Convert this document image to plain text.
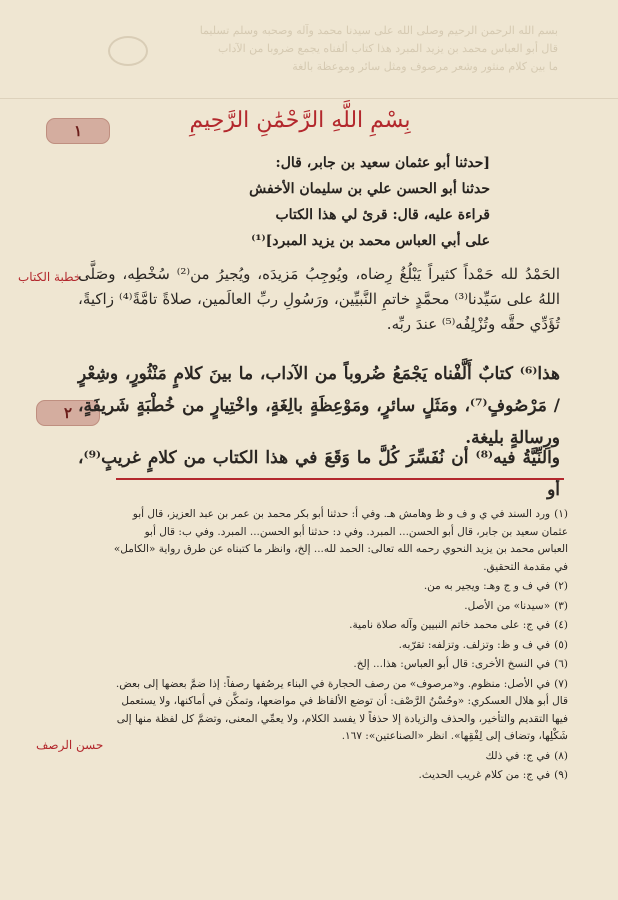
بسم الله الرحمن الرحيم وصلى الله على سيدنا محمد وآله وصحبه وسلم تسليما
قال أبو العباس محمد بن يزيد المبرد هذا كتاب ألفناه يجمع ضروبا من الآداب
ما بين كلام منثور وشعر مرصوف ومثل سائر وموعظة بالغة
بِسْمِ اللَّهِ الرَّحْمَٰنِ الرَّحِيمِ
١
٢
خطبة الكتاب
حسن الرصف
[حدثنا أبو عثمان سعيد بن جابر، قال:
حدثنا أبو الحسن علي بن سليمان الأخفش
قراءة عليه، قال: قرئ لي هذا الكتاب
على أبي العباس محمد بن يزيد المبرد]⁽¹⁾
الحَمْدُ لله حَمْداً كثيراً يَبْلُغُ رِضاه، ويُوجِبُ مَزيدَه، ويُجيرُ من⁽²⁾ سُخْطِه، وصَلَّى اللهُ على سَيِّدنا⁽³⁾ محمَّدٍ خاتمِ النَّبيِّين، ورَسُولِ ربِّ العالَمين، صلاةً تامَّةً⁽⁴⁾ زاكيةً، تُؤَدِّي حقَّه وتُزْلِفُه⁽⁵⁾ عندَ ربِّه.
هذا⁽⁶⁾ كتابٌ أَلَّفْناه يَجْمَعُ ضُروباً من الآداب، ما بينَ كلامٍ مَنْثُورٍ، وشِعْرٍ / مَرْصُوفٍ⁽⁷⁾، ومَثَلٍ سائرٍ، ومَوْعِظَةٍ بالِغَةٍ، واخْتِيارٍ من خُطْبَةٍ شَريفَةٍ، ورِسالةٍ بليغة.
والنِّيَّةُ فيه⁽⁸⁾ أن نُفَسِّرَ كُلَّ ما وَقَعَ في هذا الكتاب من كلامٍ غريبٍ⁽⁹⁾، أو
(١)ورد السند في ي و ف و ظ وهامش هـ. وفي أ: حدثنا أبو بكر محمد بن عمر بن عبد العزيز، قال أبو عثمان سعيد بن جابر، قال أبو الحسن... المبرد. وفي د: حدثنا أبو الحسن... المبرد. وفي ب: قال أبو العباس محمد بن يزيد النحوي رحمه الله تعالى: الحمد لله... إلخ، وانظر ما كتبناه عن طرق رواية «الكامل» في مقدمة التحقيق.
(٢)في ف و ج وهـ: ويجير به من.
(٣)«سيدنا» من الأصل.
(٤)في ج: على محمد خاتم النبيين وآله صلاة نامية.
(٥)في ف و ظ: وتزلف. وتزلفه: تقرّبه.
(٦)في النسخ الأخرى: قال أبو العباس: هذا... إلخ.
(٧)في الأصل: منظوم. و«مرصوف» من رصف الحجارة في البناء يرصُفها رصفاً: إذا ضمَّ بعضها إلى بعض. قال أبو هلال العسكري: «وحُسْنُ الرَّصْف: أن توضع الألفاظ في مواضعها، وتمكَّن في أماكنها، ولا يستعمل فيها التقديم والتأخير، والحذف والزيادة إلا حذفاً لا يفسد الكلام، ولا يعمِّي المعنى، وتضمَّ كل لفظة منها إلى شَكْلِها، وتضاف إلى لِفْقِها». انظر «الصناعتين»: ١٦٧.
(٨)في ج: في ذلك
(٩)في ج: من كلام غريب الحديث.
